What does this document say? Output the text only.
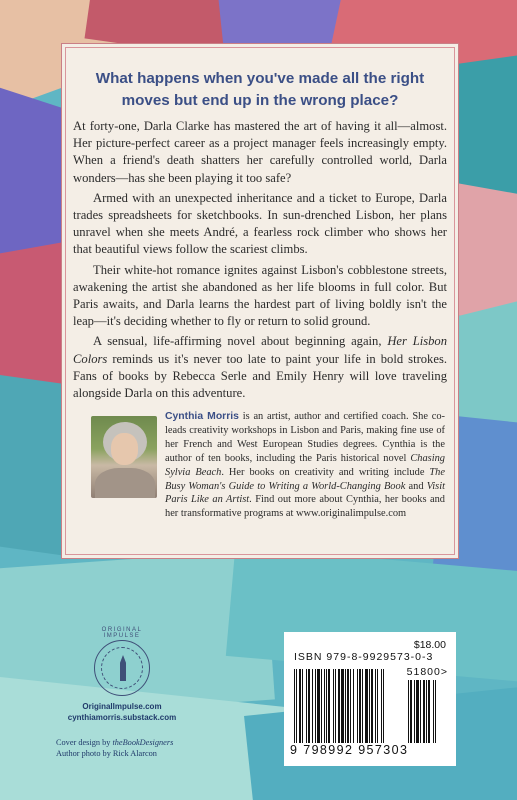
What happens when you've made all the right moves but end up in the wrong place?

At forty-one, Darla Clarke has mastered the art of having it all—almost. Her picture-perfect career as a project manager feels increasingly empty. When a friend's death shatters her carefully controlled world, Darla wonders—has she been playing it too safe?

Armed with an unexpected inheritance and a ticket to Europe, Darla trades spreadsheets for sketchbooks. In sun-drenched Lisbon, her plans unravel when she meets André, a fearless rock climber who shows her that beautiful views follow the scariest climbs.

Their white-hot romance ignites against Lisbon's cobblestone streets, awakening the artist she abandoned as her life blooms in full color. But Paris awaits, and Darla learns the hardest part of living boldly isn't the leap—it's deciding whether to fly or return to solid ground.

A sensual, life-affirming novel about beginning again, Her Lisbon Colors reminds us it's never too late to paint your life in bold strokes. Fans of books by Rebecca Serle and Emily Henry will love traveling alongside Darla on this adventure.

Cynthia Morris is an artist, author and certified coach. She co-leads creativity workshops in Lisbon and Paris, making fine use of her French and West European Studies degrees. Cynthia is the author of ten books, including the Paris historical novel Chasing Sylvia Beach. Her books on creativity and writing include The Busy Woman's Guide to Writing a World-Changing Book and Visit Paris Like an Artist. Find out more about Cynthia, her books and her transformative programs at www.originalimpulse.com
ORIGINAL IMPULSE
OriginalImpulse.com
cynthiamorris.substack.com
Cover design by theBookDesigners
Author photo by Rick Alarcon
$18.00
ISBN 979-8-9929573-0-3
51800>
9 798992 957303
